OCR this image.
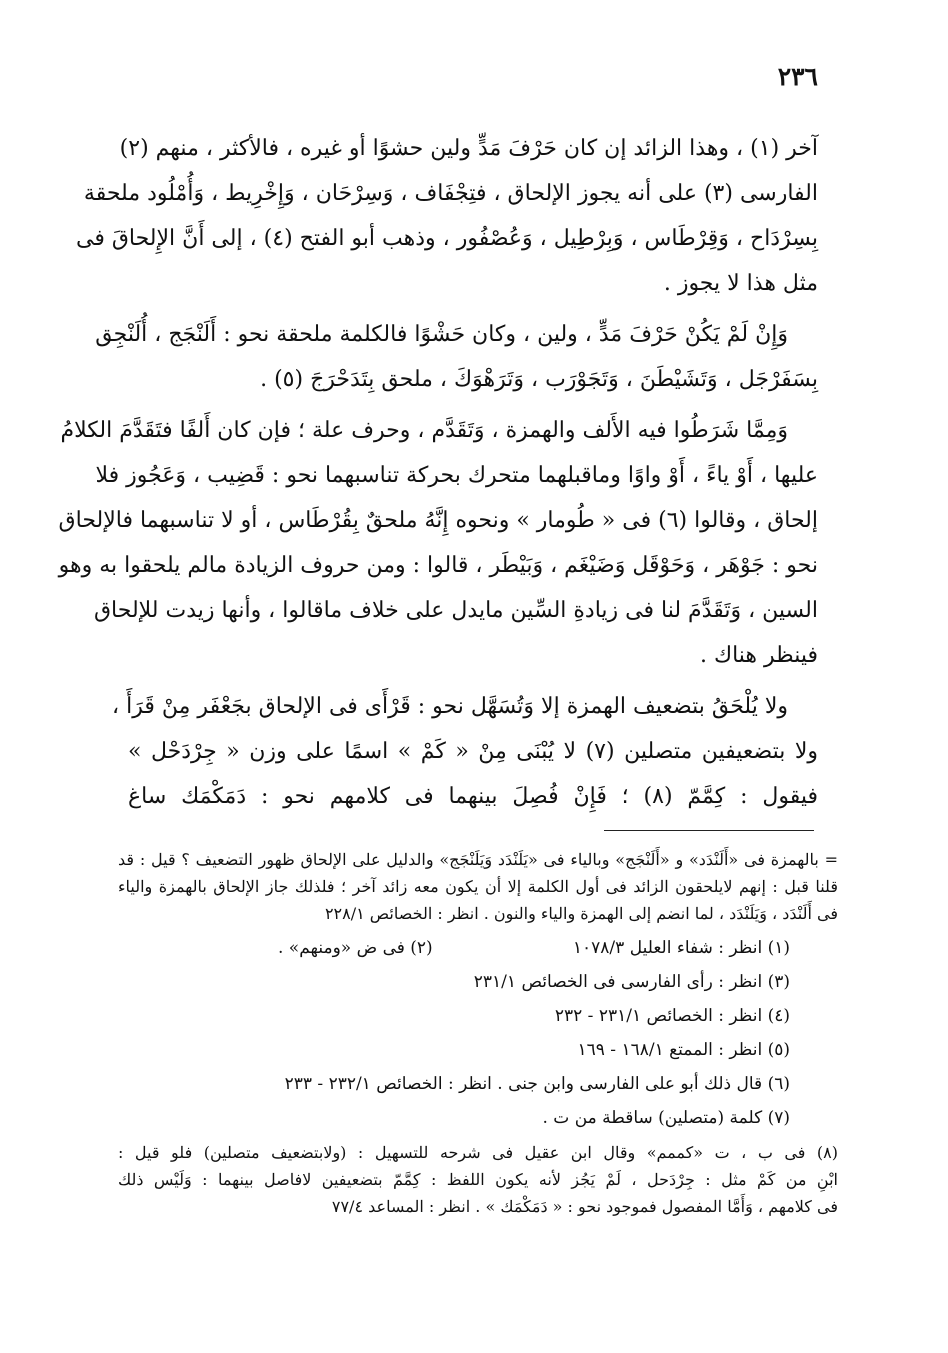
٢٣٦
آخر (١) ، وهذا الزائد إن كان حَرْفَ مَدٍّ ولين حشوًا أو غيره ، فالأكثر ، منهم (٢)
الفارسى (٣) على أنه يجوز الإلحاق ، فتِجْفَاف ، وَسِرْحَان ، وَإِخْرِيط ، وَأُمْلُود ملحقة
بِسِرْدَاح ، وَقِرْطَاس ، وَبِرْطِيل ، وَعُصْفُور ، وذهب أبو الفتح (٤) ، إلى أَنَّ الإِلحاقَ فى
مثل هذا لا يجوز .
وَإِنْ لَمْ يَكُنْ حَرْفَ مَدٍّ ، ولين ، وكان حَشْوًا فالكلمة ملحقة نحو : أَلَنْجَج ، أُلَنْجِق
بِسَفَرْجَل ، وَتَشَيْطَنَ ، وَتَجَوْرَب ، وَتَرَهْوَكَ ، ملحق بِتَدَحْرَجَ (٥) .
وَمِمَّا شَرَطُوا فيه الأَلف والهمزة ، وَتَقَدَّم ، وحرف علة ؛ فإن كان أَلفًا فتَقَدَّمَ الكلامُ
عليها ، أَوْ ياءً ، أَوْ واوًا وماقبلهما متحرك بحركة تناسبهما نحو : قَضِيب ، وَعَجُوز فلا
إلحاق ، وقالوا (٦) فى « طُومار » ونحوه إِنَّهُ ملحقٌ بِقُرْطَاس ، أو لا تناسبهما فالإلحاق
نحو : جَوْهَر ، وَحَوْقَل وَضَيْغَم ، وَبَيْطَر ، قالوا : ومن حروف الزيادة مالم يلحقوا به وهو
السين ، وَتَقَدَّمَ لنا فى زيادةِ السِّين مايدل على خلاف ماقالوا ، وأنها زيدت للإلحاق
فينظر هناك .
ولا يُلْحَقُ بتضعيف الهمزة إلا وَتُسَهَّل نحو : قَرْأَى فى الإلحاق بجَعْفَر مِنْ قَرَأَ ،
ولا بتضعيفين متصلين (٧) لا يُبْنَى مِنْ « كَمْ » اسمًا على وزن « جِرْدَحْل »
فيقول : كِمَّمّ (٨) ؛ فَإِنْ فُصِلَ بينهما فى كلامهم نحو : دَمَكْمَك ساغ
= بالهمزة فى «أَلَنْدَد» و «أَلَنْجَج» وبالياء فى «يَلَنْدَد وَيَلَنْجَج» والدليل على الإلحاق ظهور التضعيف ؟ قيل : قد
قلنا قبل : إنهم لايلحقون الزائد فى أول الكلمة إلا أن يكون معه زائد آخر ؛ فلذلك جاز الإلحاق بالهمزة والياء
فى أَلَنْدَد ، وَيَلَنْدَد ، لما انضم إلى الهمزة والياء والنون . انظر : الخصائص ٢٢٨/١
(١) انظر : شفاء العليل ١٠٧٨/٣
(٢) فى ض «ومنهم» .
(٣) انظر : رأى الفارسى فى الخصائص ٢٣١/١
(٤) انظر : الخصائص ٢٣١/١ - ٢٣٢
(٥) انظر : الممتع ١٦٨/١ - ١٦٩
(٦) قال ذلك أبو على الفارسى وابن جنى . انظر : الخصائص ٢٣٢/١ - ٢٣٣
(٧) كلمة (متصلين) ساقطة من ت .
(٨) فى ب ، ت «كممم» وقال ابن عقيل فى شرحه للتسهيل : (ولابتضعيف متصلين) فلو قيل :
ابْنِ من كَمْ مثل : جِرْدَحل ، لَمْ يَجُز لأنه يكون اللفظ : كِمَّمّ بتضعيفين لافاصل بينهما : وَلَيْس ذلك
فى كلامهم ، وَأَمَّا المفصول فموجود نحو : « دَمَكْمَك » . انظر : المساعد ٧٧/٤
